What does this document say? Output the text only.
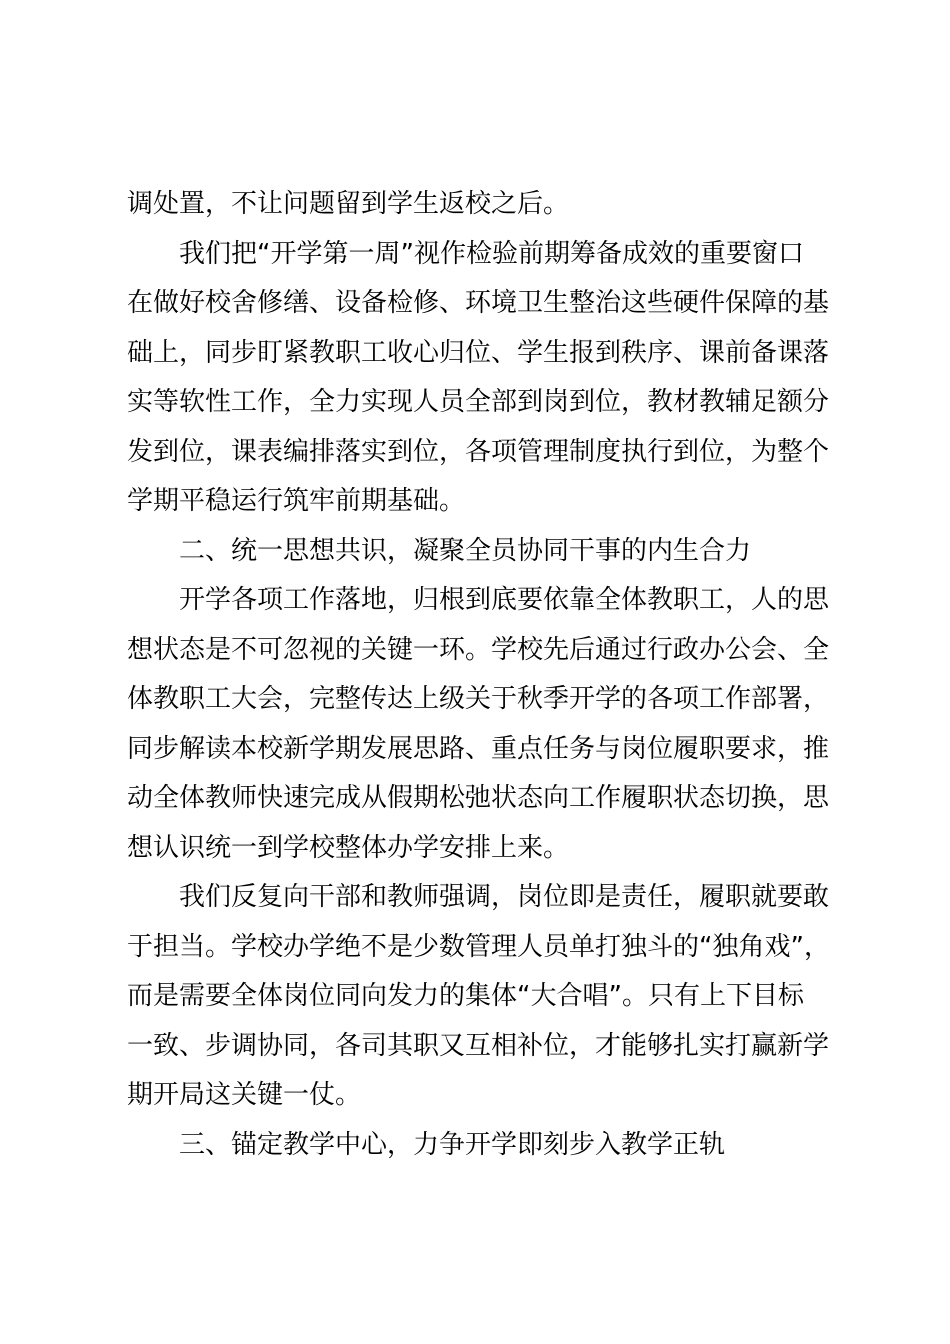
调处置，不让问题留到学生返校之后。

我们把“开学第一周”视作检验前期筹备成效的重要窗口

在做好校舍修缮、设备检修、环境卫生整治这些硬件保障的基

础上，同步盯紧教职工收心归位、学生报到秩序、课前备课落

实等软性工作，全力实现人员全部到岗到位，教材教辅足额分

发到位，课表编排落实到位，各项管理制度执行到位，为整个

学期平稳运行筑牢前期基础。

二、统一思想共识，凝聚全员协同干事的内生合力

开学各项工作落地，归根到底要依靠全体教职工，人的思

想状态是不可忽视的关键一环。学校先后通过行政办公会、全

体教职工大会，完整传达上级关于秋季开学的各项工作部署，

同步解读本校新学期发展思路、重点任务与岗位履职要求，推

动全体教师快速完成从假期松弛状态向工作履职状态切换，思

想认识统一到学校整体办学安排上来。

我们反复向干部和教师强调，岗位即是责任，履职就要敢

于担当。学校办学绝不是少数管理人员单打独斗的“独角戏”，

而是需要全体岗位同向发力的集体“大合唱”。只有上下目标

一致、步调协同，各司其职又互相补位，才能够扎实打赢新学

期开局这关键一仗。

三、锚定教学中心，力争开学即刻步入教学正轨
